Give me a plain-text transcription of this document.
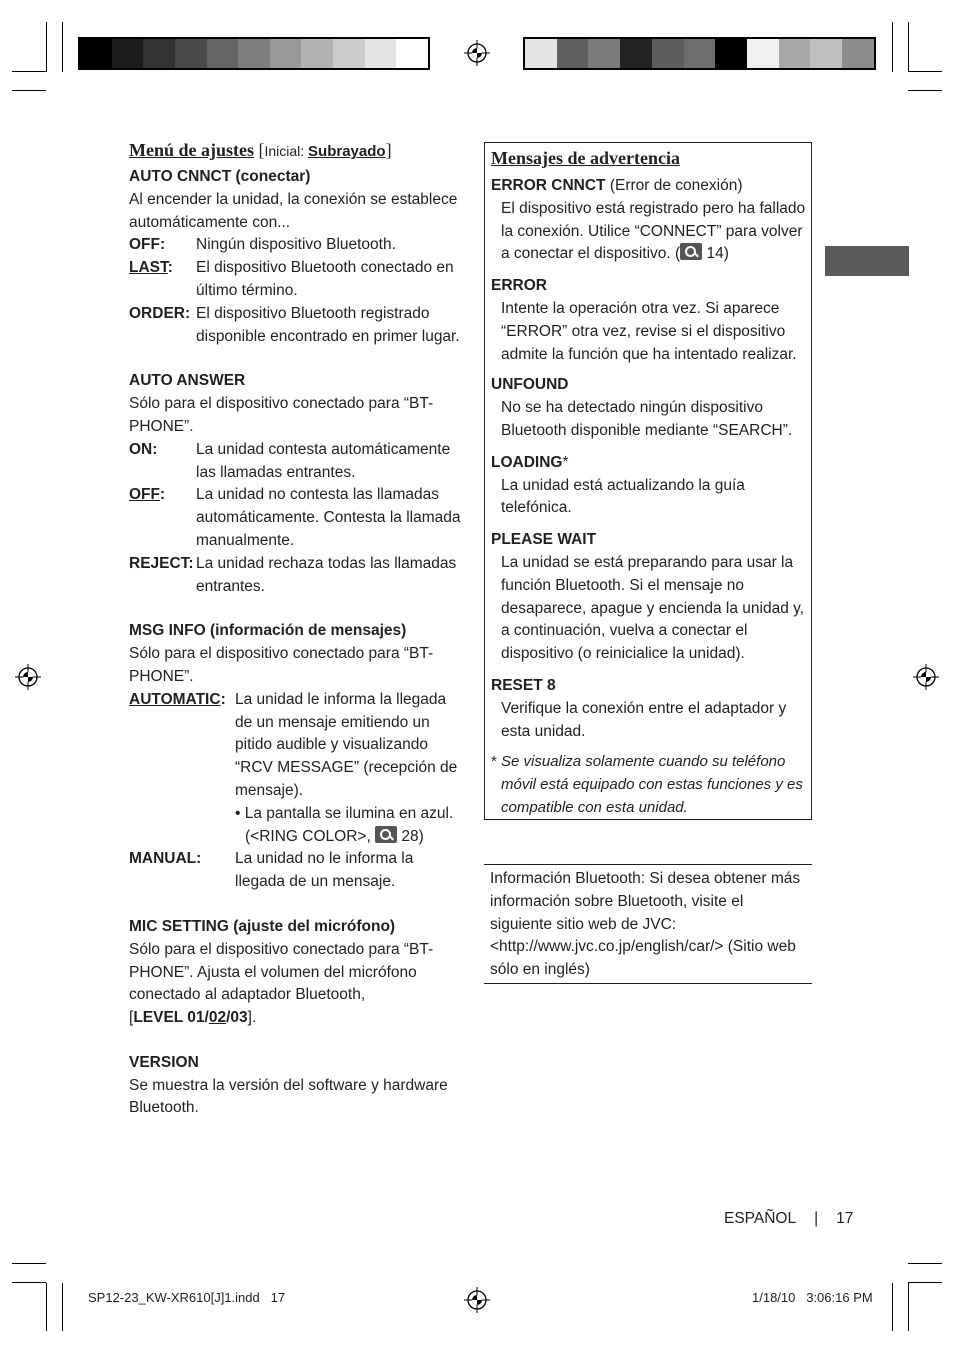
Menú de ajustes [Inicial: Subrayado]
AUTO CNNCT (conectar)
Al encender la unidad, la conexión se establece automáticamente con...
OFF:	Ningún dispositivo Bluetooth.
LAST:	El dispositivo Bluetooth conectado en último término.
ORDER: El dispositivo Bluetooth registrado disponible encontrado en primer lugar.
AUTO ANSWER
Sólo para el dispositivo conectado para “BT-PHONE”.
ON:	La unidad contesta automáticamente las llamadas entrantes.
OFF:	La unidad no contesta las llamadas automáticamente. Contesta la llamada manualmente.
REJECT: La unidad rechaza todas las llamadas entrantes.
MSG INFO (información de mensajes)
Sólo para el dispositivo conectado para “BT-PHONE”.
AUTOMATIC: La unidad le informa la llegada de un mensaje emitiendo un pitido audible y visualizando “RCV MESSAGE” (recepción de mensaje).
• La pantalla se ilumina en azul.
(<RING COLOR>,  28)
MANUAL:	La unidad no le informa la llegada de un mensaje.
MIC SETTING (ajuste del micrófono)
Sólo para el dispositivo conectado para “BT-PHONE”. Ajusta el volumen del micrófono conectado al adaptador Bluetooth,
[LEVEL 01/02/03].
VERSION
Se muestra la versión del software y hardware Bluetooth.
Mensajes de advertencia
ERROR CNNCT (Error de conexión)
El dispositivo está registrado pero ha fallado la conexión. Utilice “CONNECT” para volver a conectar el dispositivo. ( 14)
ERROR
Intente la operación otra vez. Si aparece “ERROR” otra vez, revise si el dispositivo admite la función que ha intentado realizar.
UNFOUND
No se ha detectado ningún dispositivo Bluetooth disponible mediante “SEARCH”.
LOADING*
La unidad está actualizando la guía telefónica.
PLEASE WAIT
La unidad se está preparando para usar la función Bluetooth. Si el mensaje no desaparece, apague y encienda la unidad y, a continuación, vuelva a conectar el dispositivo (o reinicialice la unidad).
RESET 8
Verifique la conexión entre el adaptador y esta unidad.
* Se visualiza solamente cuando su teléfono móvil está equipado con estas funciones y es compatible con esta unidad.
Información Bluetooth: Si desea obtener más información sobre Bluetooth, visite el siguiente sitio web de JVC: <http://www.jvc.co.jp/english/car/> (Sitio web sólo en inglés)
ESPAÑOL | 17
SP12-23_KW-XR610[J]1.indd   17	1/18/10   3:06:16 PM
